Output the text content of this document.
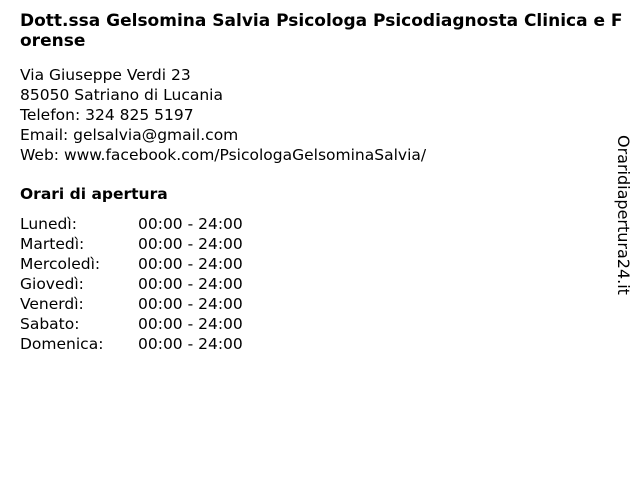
Dott.ssa Gelsomina Salvia Psicologa Psicodiagnosta Clinica e Forense
Via Giuseppe Verdi 23
85050 Satriano di Lucania
Telefon: 324 825 5197
Email: gelsalvia@gmail.com
Web: www.facebook.com/PsicologaGelsominaSalvia/
Orari di apertura
Lunedì:	00:00 - 24:00
Martedì:	00:00 - 24:00
Mercoledì: 00:00 - 24:00
Giovedì:	00:00 - 24:00
Venerdì:	00:00 - 24:00
Sabato:	00:00 - 24:00
Domenica: 00:00 - 24:00
Oraridiapertura24.it
